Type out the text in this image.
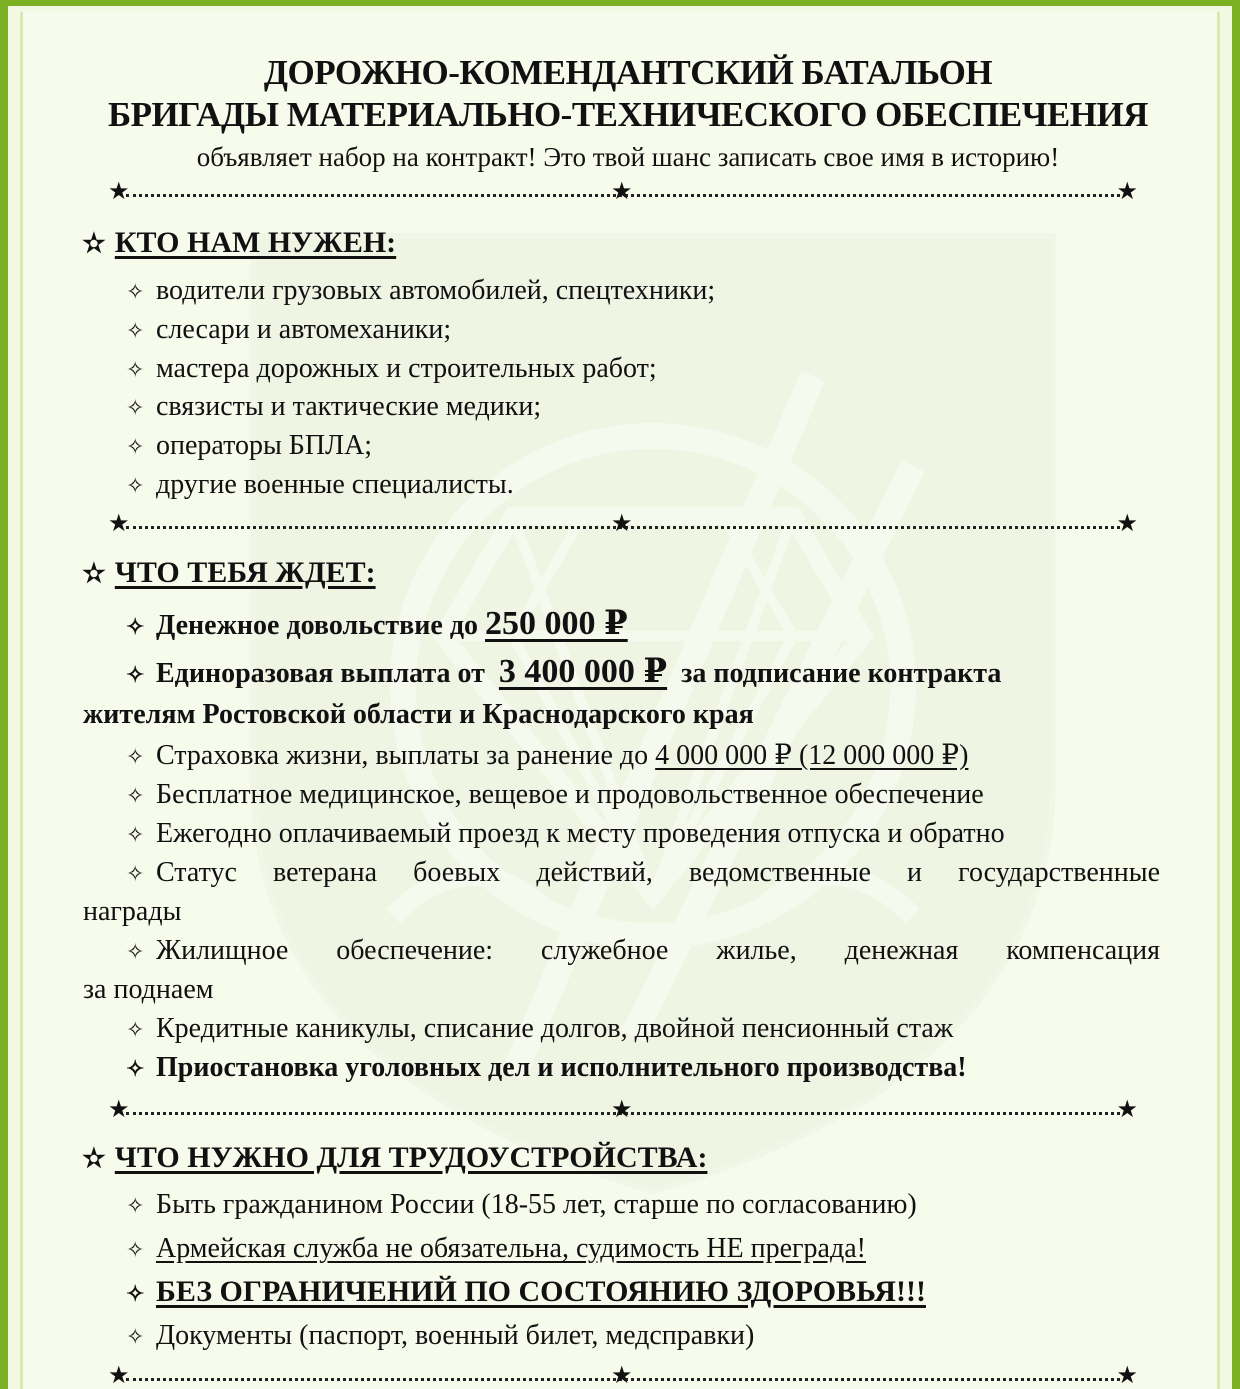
ДОРОЖНО-КОМЕНДАНТСКИЙ БАТАЛЬОН
БРИГАДЫ МАТЕРИАЛЬНО-ТЕХНИЧЕСКОГО ОБЕСПЕЧЕНИЯ
объявляет набор на контракт! Это твой шанс записать свое имя в историю!
★	★	★
✫ КТО НАМ НУЖЕН:
✧ водители грузовых автомобилей, спецтехники;
✧ слесари и автомеханики;
✧ мастера дорожных и строительных работ;
✧ связисты и тактические медики;
✧ операторы БПЛА;
✧ другие военные специалисты.
★	★	★
✫ ЧТО ТЕБЯ ЖДЕТ:
✧ Денежное довольствие до 250 000 ₽
✧ Единоразовая выплата от 3 400 000 ₽ за подписание контракта
жителям Ростовской области и Краснодарского края
✧ Страховка жизни, выплаты за ранение до 4 000 000 ₽ (12 000 000 ₽)
✧ Бесплатное медицинское, вещевое и продовольственное обеспечение
✧ Ежегодно оплачиваемый проезд к месту проведения отпуска и обратно
✧ Статус ветерана боевых действий, ведомственные и государственные
награды
✧ Жилищное обеспечение: служебное жилье, денежная компенсация
за поднаем
✧ Кредитные каникулы, списание долгов, двойной пенсионный стаж
✧ Приостановка уголовных дел и исполнительного производства!
★	★	★
✫ ЧТО НУЖНО ДЛЯ ТРУДОУСТРОЙСТВА:
✧ Быть гражданином России (18-55 лет, старше по согласованию)
✧ Армейская служба не обязательна, судимость НЕ преграда!
✧ БЕЗ ОГРАНИЧЕНИЙ ПО СОСТОЯНИЮ ЗДОРОВЬЯ!!!
✧ Документы (паспорт, военный билет, медсправки)
★	★	★
